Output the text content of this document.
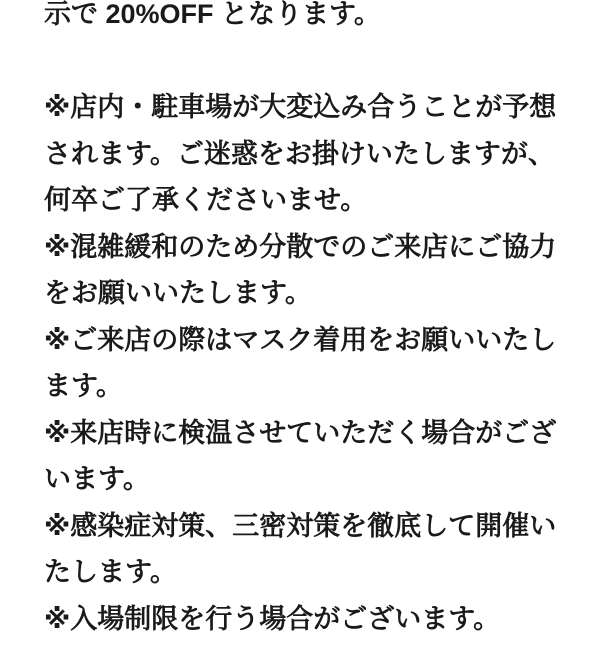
示で 20%OFF となります。

※店内・駐車場が大変込み合うことが予想されます。ご迷惑をお掛けいたしますが、何卒ご了承くださいませ。

※混雑緩和のため分散でのご来店にご協力をお願いいたします。

※ご来店の際はマスク着用をお願いいたします。

※来店時に検温させていただく場合がございます。

※感染症対策、三密対策を徹底して開催いたします。

※入場制限を行う場合がございます。
